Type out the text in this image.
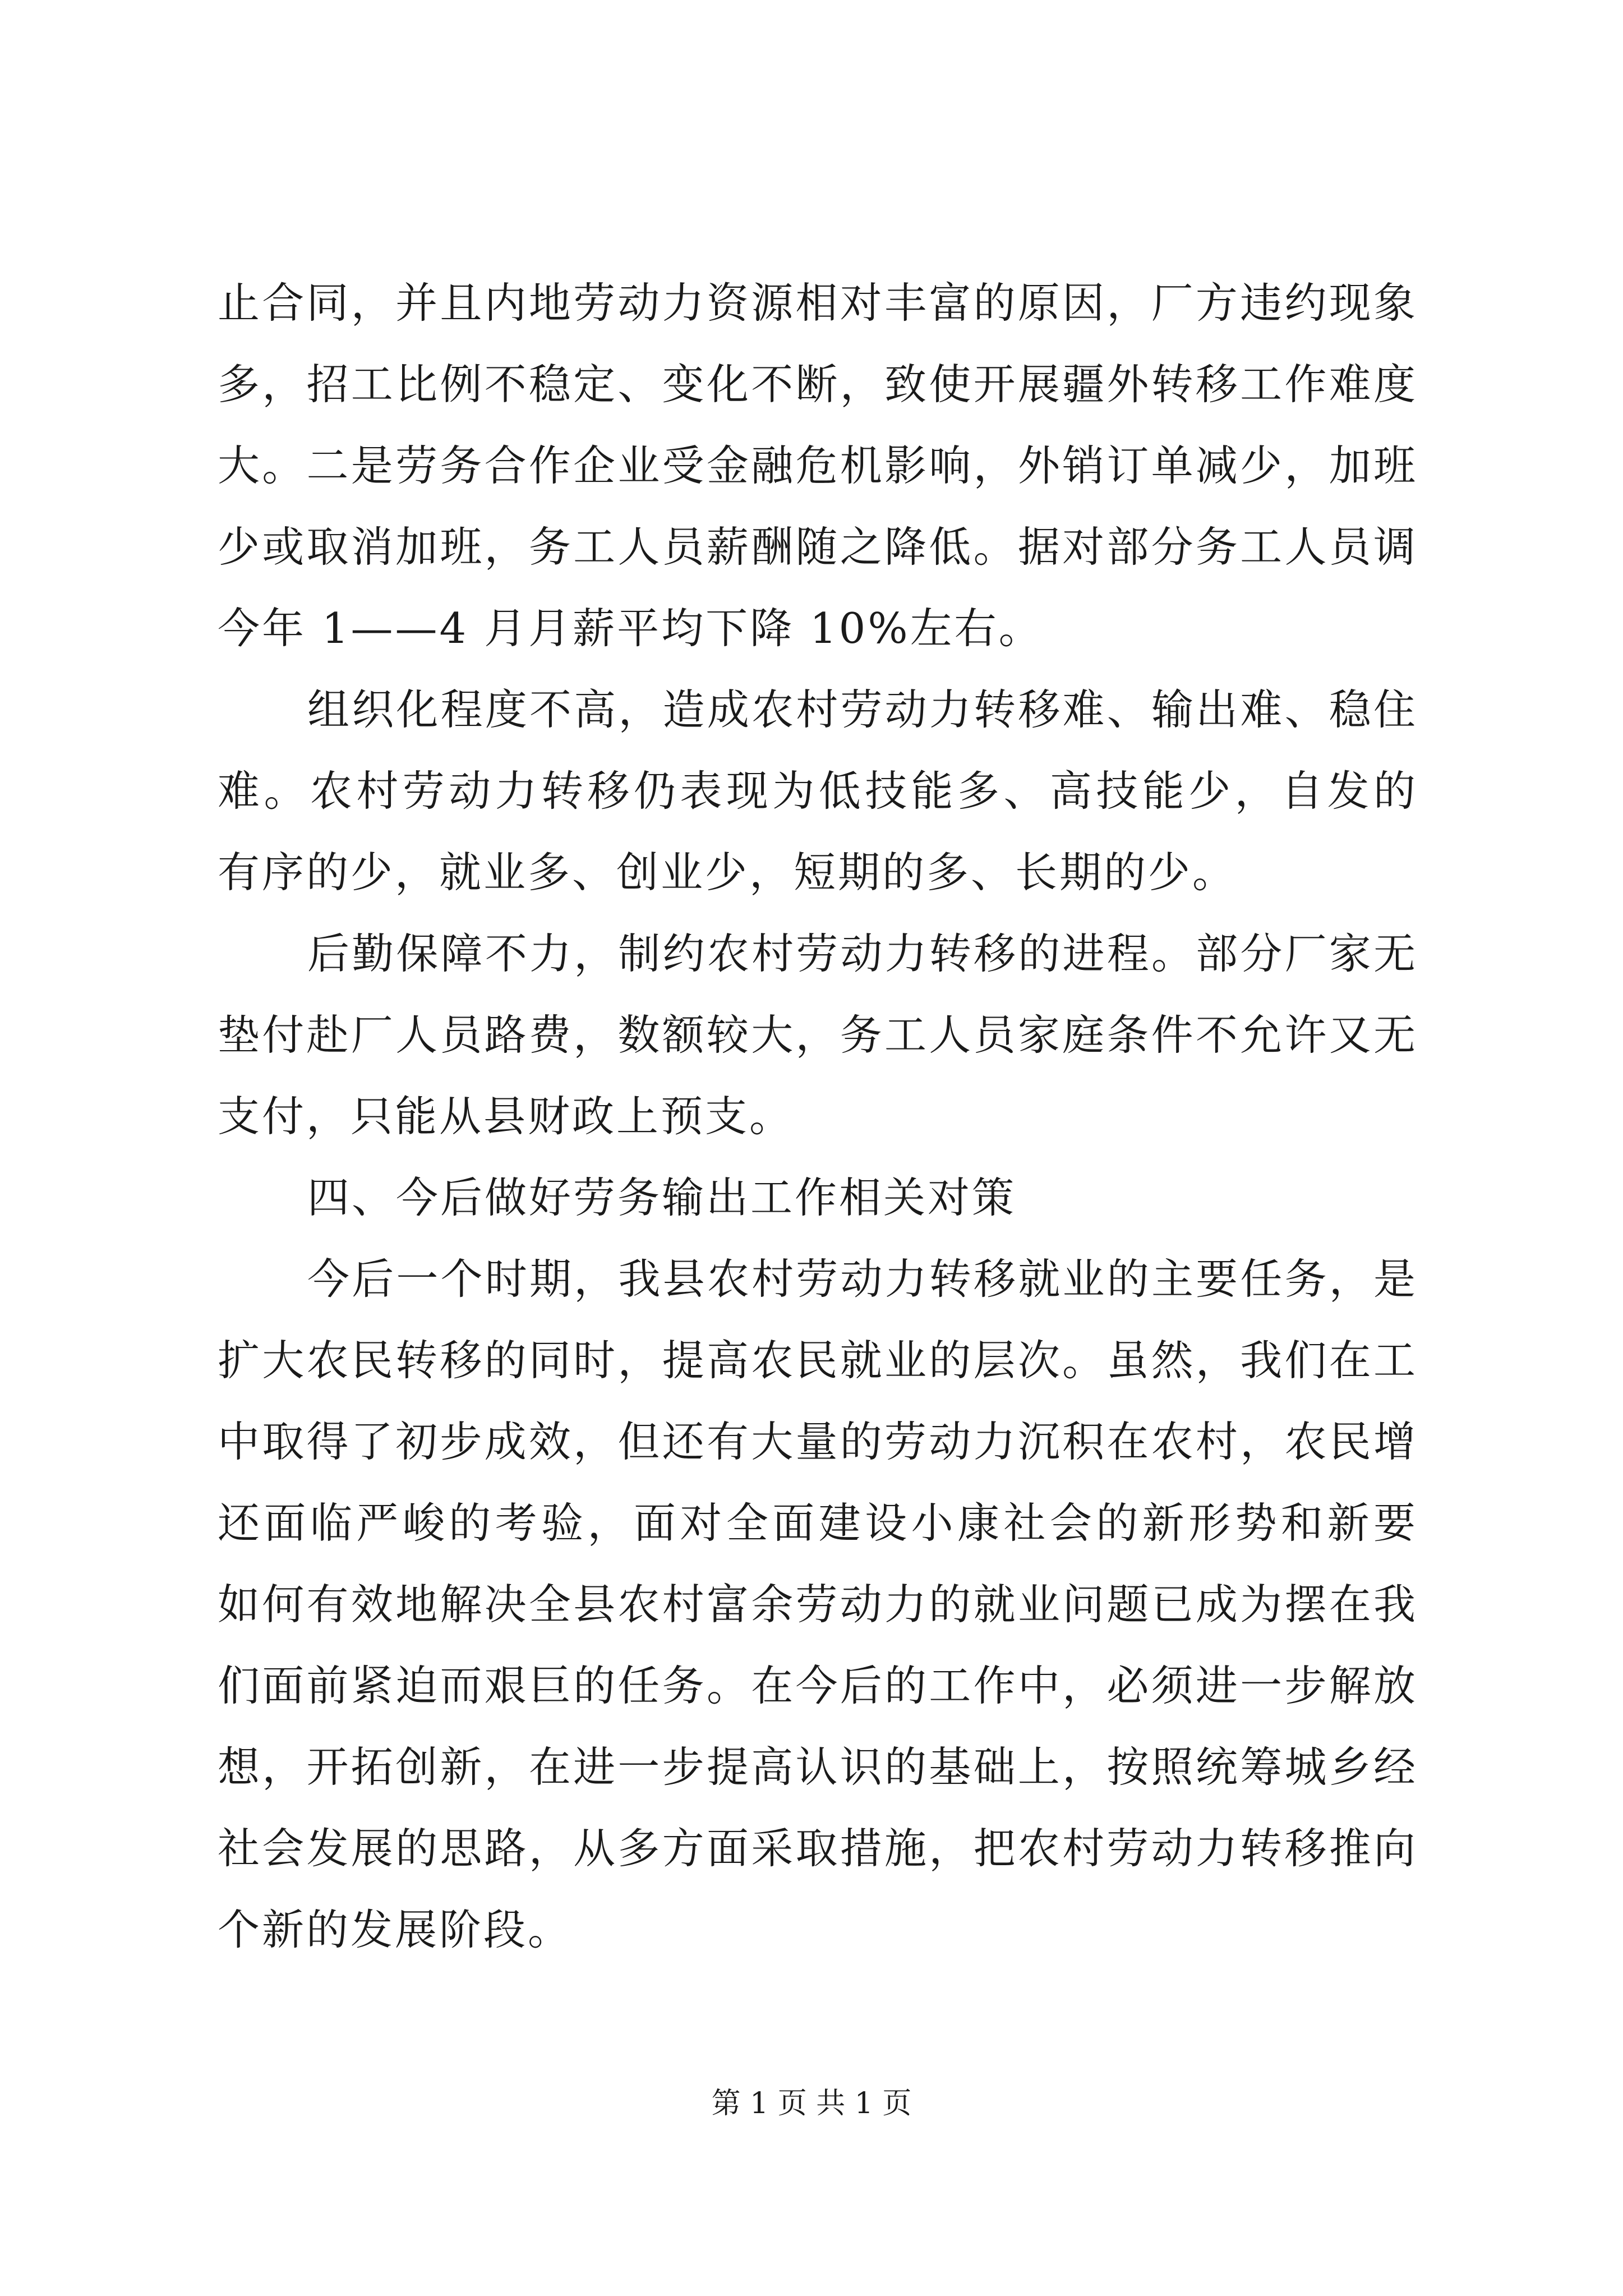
止合同，并且内地劳动力资源相对丰富的原因，厂方违约现象
多，招工比例不稳定、变化不断，致使开展疆外转移工作难度
大。二是劳务合作企业受金融危机影响，外销订单减少，加班
少或取消加班，务工人员薪酬随之降低。据对部分务工人员调
今年 1——4 月月薪平均下降 10%左右。
组织化程度不高，造成农村劳动力转移难、输出难、稳住
难。农村劳动力转移仍表现为低技能多、高技能少，自发的
有序的少，就业多、创业少，短期的多、长期的少。
后勤保障不力，制约农村劳动力转移的进程。部分厂家无
垫付赴厂人员路费，数额较大，务工人员家庭条件不允许又无
支付，只能从县财政上预支。
四、今后做好劳务输出工作相关对策
今后一个时期，我县农村劳动力转移就业的主要任务，是
扩大农民转移的同时，提高农民就业的层次。虽然，我们在工
中取得了初步成效，但还有大量的劳动力沉积在农村，农民增
还面临严峻的考验，面对全面建设小康社会的新形势和新要
如何有效地解决全县农村富余劳动力的就业问题已成为摆在我
们面前紧迫而艰巨的任务。在今后的工作中，必须进一步解放
想，开拓创新，在进一步提高认识的基础上，按照统筹城乡经
社会发展的思路，从多方面采取措施，把农村劳动力转移推向
个新的发展阶段。
第 1 页 共 1 页
